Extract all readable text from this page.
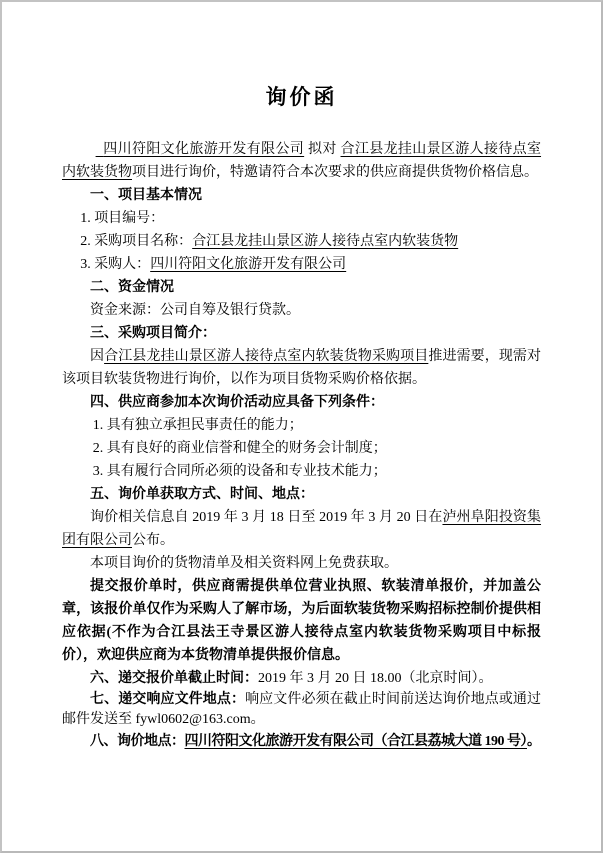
询价函

四川符阳文化旅游开发有限公司 拟对 合江县龙挂山景区游人接待点室内软装货物项目进行询价，特邀请符合本次要求的供应商提供货物价格信息。

一、项目基本情况

1. 项目编号：

2. 采购项目名称：合江县龙挂山景区游人接待点室内软装货物

3. 采购人：四川符阳文化旅游开发有限公司

二、资金情况

资金来源：公司自筹及银行贷款。

三、采购项目简介：

因合江县龙挂山景区游人接待点室内软装货物采购项目推进需要，现需对该项目软装货物进行询价，以作为项目货物采购价格依据。

四、供应商参加本次询价活动应具备下列条件：

1. 具有独立承担民事责任的能力；

2. 具有良好的商业信誉和健全的财务会计制度；

3. 具有履行合同所必须的设备和专业技术能力；

五、询价单获取方式、时间、地点：

询价相关信息自 2019 年 3 月 18 日至 2019 年 3 月 20 日在泸州阜阳投资集团有限公司公布。

本项目询价的货物清单及相关资料网上免费获取。

提交报价单时，供应商需提供单位营业执照、软装清单报价，并加盖公章，该报价单仅作为采购人了解市场，为后面软装货物采购招标控制价提供相应依据(不作为合江县法王寺景区游人接待点室内软装货物采购项目中标报价），欢迎供应商为本货物清单提供报价信息。

六、递交报价单截止时间：2019 年 3 月 20 日 18.00（北京时间）。

七、递交响应文件地点：响应文件必须在截止时间前送达询价地点或通过邮件发送至 fywl0602@163.com。

八、询价地点：四川符阳文化旅游开发有限公司（合江县荔城大道 190 号）。
